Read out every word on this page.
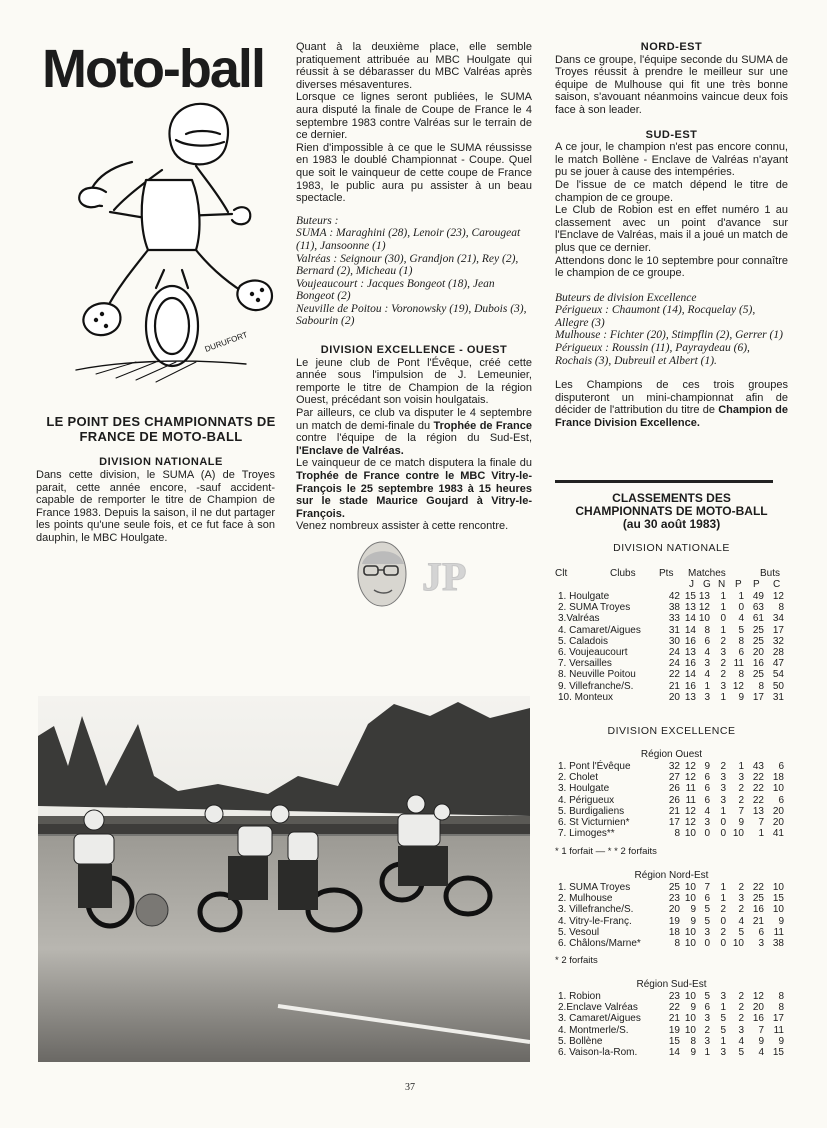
Moto-ball
DURUFORT
LE POINT DES CHAMPIONNATS DE FRANCE DE MOTO-BALL
DIVISION NATIONALE
Dans cette division, le SUMA (A) de Troyes parait, cette année encore, -sauf accident- capable de remporter le titre de Champion de France 1983. Depuis la saison, il ne dut partager les points qu'une seule fois, et ce fut face à son dauphin, le MBC Houlgate.

Quant à la deuxième place, elle semble pratiquement attribuée au MBC Houlgate qui réussit à se débarasser du MBC Valréas après diverses mésaventures.

Lorsque ce lignes seront publiées, le SUMA aura disputé la finale de Coupe de France le 4 septembre 1983 contre Valréas sur le terrain de ce dernier.

Rien d'impossible à ce que le SUMA réussisse en 1983 le doublé Championnat - Coupe. Quel que soit le vainqueur de cette coupe de France 1983, le public aura pu assister à un beau spectacle.

Buteurs :
SUMA : Maraghini (28), Lenoir (23), Carougeat (11), Jansoonne (1)
Valréas : Seignour (30), Grandjon (21), Rey (2), Bernard (2), Micheau (1)
Voujeaucourt : Jacques Bongeot (18), Jean Bongeot (2)
Neuville de Poitou : Voronowsky (19), Dubois (3), Sabourin (2)
DIVISION EXCELLENCE - OUEST

Le jeune club de Pont l'Évêque, créé cette année sous l'impulsion de J. Lemeunier, remporte le titre de Champion de la région Ouest, précédant son voisin houlgatais.

Par ailleurs, ce club va disputer le 4 septembre un match de demi-finale du Trophée de France contre l'équipe de la région du Sud-Est, l'Enclave de Valréas.

Le vainqueur de ce match disputera la finale du Trophée de France contre le MBC Vitry-le-François le 25 septembre 1983 à 15 heures sur le stade Maurice Goujard à Vitry-le-François.

Venez nombreux assister à cette rencontre.

JP
NORD-EST

Dans ce groupe, l'équipe seconde du SUMA de Troyes réussit à prendre le meilleur sur une équipe de Mulhouse qui fit une très bonne saison, s'avouant néanmoins vaincue deux fois face à son leader.

SUD-EST

A ce jour, le champion n'est pas encore connu, le match Bollène - Enclave de Valréas n'ayant pu se jouer à cause des intempéries.

De l'issue de ce match dépend le titre de champion de ce groupe.

Le Club de Robion est en effet numéro 1 au classement avec un point d'avance sur l'Enclave de Valréas, mais il a joué un match de plus que ce dernier.

Attendons donc le 10 septembre pour connaître le champion de ce groupe.

Buteurs de division Excellence
Périgueux : Chaumont (14), Rocquelay (5), Allegre (3)
Mulhouse : Fichter (20), Stimpflin (2), Gerrer (1)
Périgueux : Roussin (11), Payraydeau (6), Rochais (3), Dubreuil et Albert (1).

Les Champions de ces trois groupes disputeront un mini-championnat afin de décider de l'attribution du titre de Champion de France Division Excellence.

CLASSEMENTS DES
CHAMPIONNATS DE MOTO-BALL
(au 30 août 1983)
DIVISION NATIONALE
Clt	Clubs Pts Matches	Buts
J G N P P C
1. Houlgate	42	15	13	1	1	49	12
2. SUMA Troyes	38	13	12	1	0	63	8
3.Valréas	33	14	10	0	4	61	34
4. Camaret/Aigues	31	14	8	1	5	25	17
5. Caladois	30	16	6	2	8	25	32
6. Voujeaucourt	24	13	4	3	6	20	28
7. Versailles	24	16	3	2	11	16	47
8. Neuville Poitou	22	14	4	2	8	25	54
9. Villefranche/S.	21	16	1	3	12	8	50
10. Monteux	20	13	3	1	9	17	31
DIVISION EXCELLENCE
Région Ouest
1. Pont l'Évêque	32	12	9	2	1	43	6
2. Cholet	27	12	6	3	3	22	18
3. Houlgate	26	11	6	3	2	22	10
4. Périgueux	26	11	6	3	2	22	6
5. Burdigaliens	21	12	4	1	7	13	20
6. St Victurnien*	17	12	3	0	9	7	20
7. Limoges**	8	10	0	0	10	1	41
* 1 forfait — * * 2 forfaits
Région Nord-Est
1. SUMA Troyes	25	10	7	1	2	22	10
2. Mulhouse	23	10	6	1	3	25	15
3. Villefranche/S.	20	9	5	2	2	16	10
4. Vitry-le-Franç.	19	9	5	0	4	21	9
5. Vesoul	18	10	3	2	5	6	11
6. Châlons/Marne*	8	10	0	0	10	3	38
* 2 forfaits
Région Sud-Est
1. Robion	23	10	5	3	2	12	8
2.Enclave Valréas	22	9	6	1	2	20	8
3. Camaret/Aigues	21	10	3	5	2	16	17
4. Montmerle/S.	19	10	2	5	3	7	11
5. Bollène	15	8	3	1	4	9	9
6. Vaison-la-Rom.	14	9	1	3	5	4	15
37
